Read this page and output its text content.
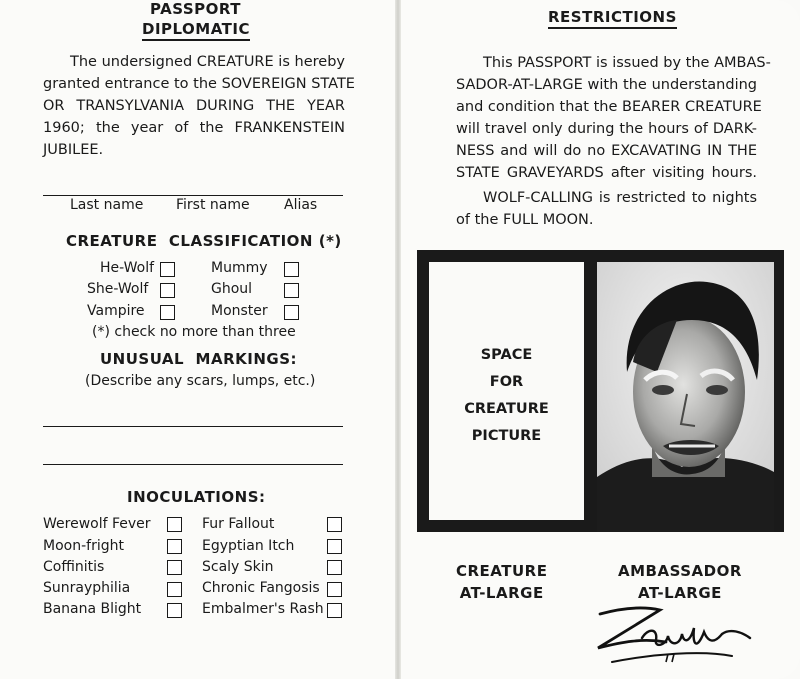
PASSPORT
DIPLOMATIC
The undersigned CREATURE is hereby
granted entrance to the SOVEREIGN STATE
OR TRANSYLVANIA DURING THE YEAR
1960; the year of the FRANKENSTEIN
JUBILEE.
Last name First name Alias
CREATURE  CLASSIFICATION (*)
He-Wolf	Mummy
She-Wolf	Ghoul
Vampire	Monster
(*) check no more than three
UNUSUAL  MARKINGS:
(Describe any scars, lumps, etc.)
INOCULATIONS:
Werewolf Fever	Fur Fallout
Moon-fright	Egyptian Itch
Coffinitis	Scaly Skin
Sunrayphilia	Chronic Fangosis
Banana Blight	Embalmer's Rash
RESTRICTIONS
This PASSPORT is issued by the AMBAS-
SADOR-AT-LARGE with the understanding
and condition that the BEARER CREATURE
will travel only during the hours of DARK-
NESS and will do no EXCAVATING IN THE
STATE GRAVEYARDS after visiting hours.
WOLF-CALLING is restricted to nights
of the FULL MOON.
SPACE
FOR
CREATURE
PICTURE
CREATURE
AT-LARGE
AMBASSADOR
AT-LARGE
